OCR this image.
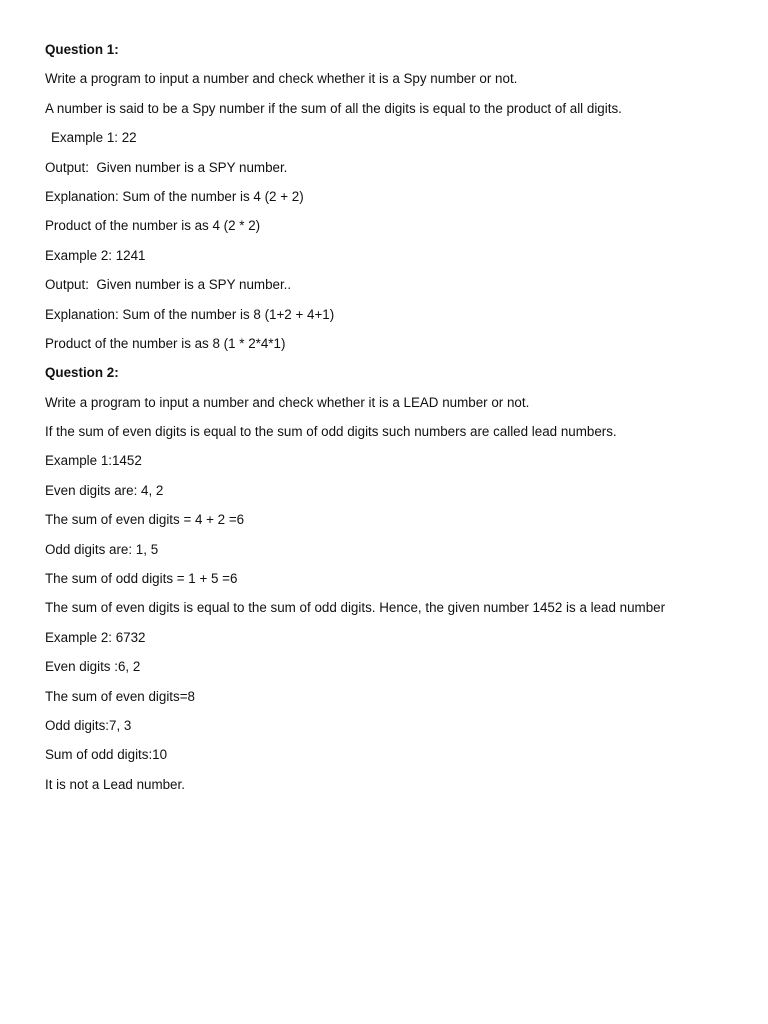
Question 1:
Write a program to input a number and check whether it is a Spy number or not.
A number is said to be a Spy number if the sum of all the digits is equal to the product of all digits.
Example 1: 22
Output:  Given number is a SPY number.
Explanation: Sum of the number is 4 (2 + 2)
Product of the number is as 4 (2 * 2)
Example 2: 1241
Output:  Given number is a SPY number..
Explanation: Sum of the number is 8 (1+2 + 4+1)
Product of the number is as 8 (1 * 2*4*1)
Question 2:
Write a program to input a number and check whether it is a LEAD number or not.
If the sum of even digits is equal to the sum of odd digits such numbers are called lead numbers.
Example 1:1452
Even digits are: 4, 2
The sum of even digits = 4 + 2 =6
Odd digits are: 1, 5
The sum of odd digits = 1 + 5 =6
The sum of even digits is equal to the sum of odd digits. Hence, the given number 1452 is a lead number
Example 2: 6732
Even digits :6, 2
The sum of even digits=8
Odd digits:7, 3
Sum of odd digits:10
It is not a Lead number.
